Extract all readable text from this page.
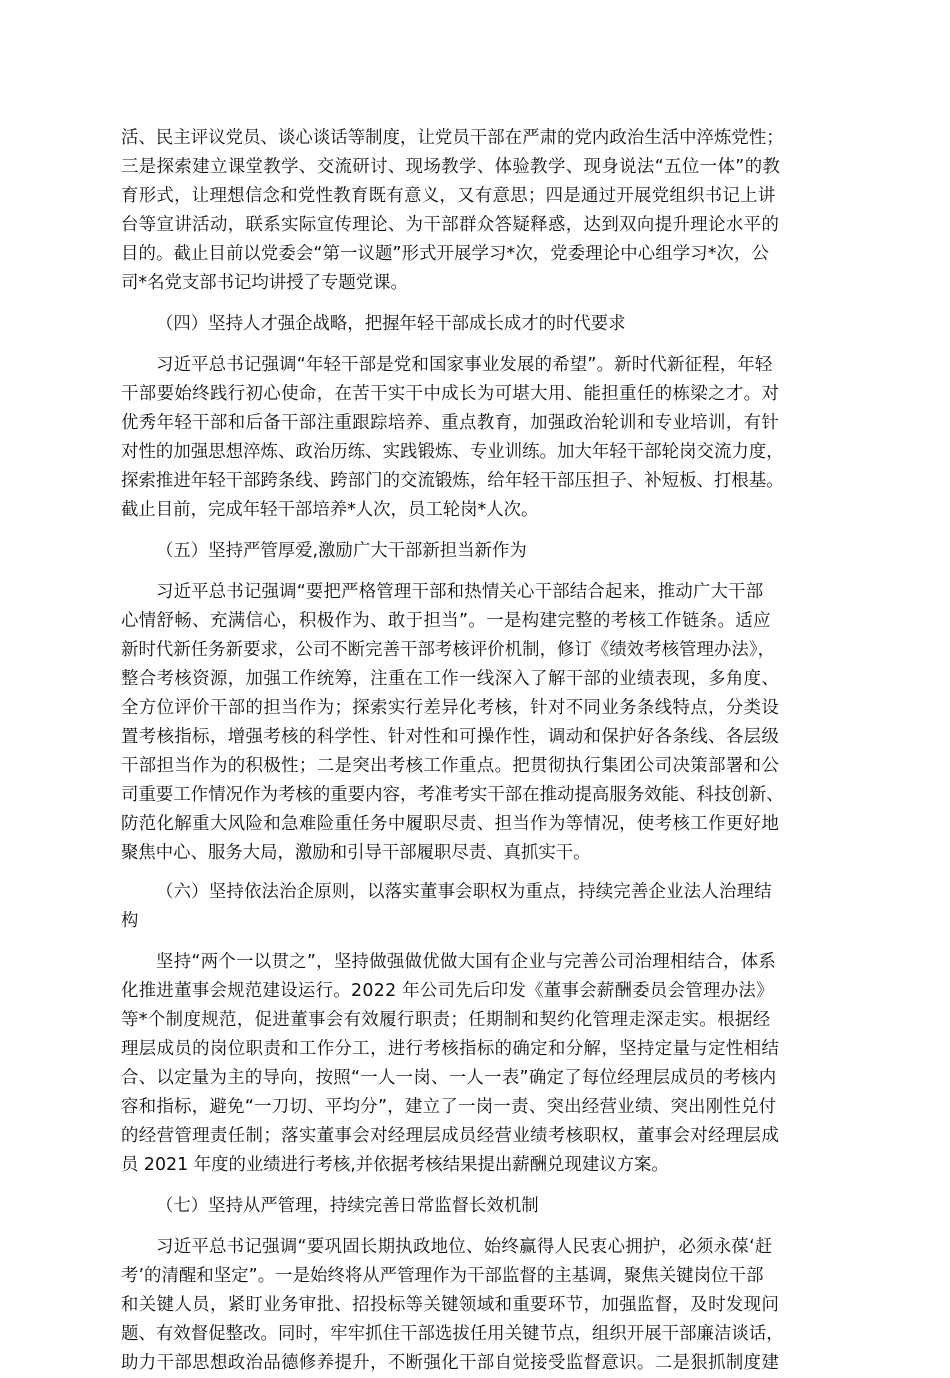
活、民主评议党员、谈心谈话等制度，让党员干部在严肃的党内政治生活中淬炼党性；
三是探索建立课堂教学、交流研讨、现场教学、体验教学、现身说法“五位一体”的教
育形式，让理想信念和党性教育既有意义，又有意思；四是通过开展党组织书记上讲
台等宣讲活动，联系实际宣传理论、为干部群众答疑释惑，达到双向提升理论水平的
目的。截止目前以党委会“第一议题”形式开展学习*次，党委理论中心组学习*次，公
司*名党支部书记均讲授了专题党课。
（四）坚持人才强企战略，把握年轻干部成长成才的时代要求
习近平总书记强调“年轻干部是党和国家事业发展的希望”。新时代新征程，年轻
干部要始终践行初心使命，在苦干实干中成长为可堪大用、能担重任的栋梁之才。对
优秀年轻干部和后备干部注重跟踪培养、重点教育，加强政治轮训和专业培训，有针
对性的加强思想淬炼、政治历练、实践锻炼、专业训练。加大年轻干部轮岗交流力度，
探索推进年轻干部跨条线、跨部门的交流锻炼，给年轻干部压担子、补短板、打根基。
截止目前，完成年轻干部培养*人次，员工轮岗*人次。
（五）坚持严管厚爱,激励广大干部新担当新作为
习近平总书记强调“要把严格管理干部和热情关心干部结合起来，推动广大干部
心情舒畅、充满信心，积极作为、敢于担当”。一是构建完整的考核工作链条。适应
新时代新任务新要求，公司不断完善干部考核评价机制，修订《绩效考核管理办法》，
整合考核资源，加强工作统筹，注重在工作一线深入了解干部的业绩表现，多角度、
全方位评价干部的担当作为；探索实行差异化考核，针对不同业务条线特点，分类设
置考核指标，增强考核的科学性、针对性和可操作性，调动和保护好各条线、各层级
干部担当作为的积极性；二是突出考核工作重点。把贯彻执行集团公司决策部署和公
司重要工作情况作为考核的重要内容，考准考实干部在推动提高服务效能、科技创新、
防范化解重大风险和急难险重任务中履职尽责、担当作为等情况，使考核工作更好地
聚焦中心、服务大局，激励和引导干部履职尽责、真抓实干。
（六）坚持依法治企原则，以落实董事会职权为重点，持续完善企业法人治理结
构
坚持“两个一以贯之”，坚持做强做优做大国有企业与完善公司治理相结合，体系
化推进董事会规范建设运行。2022 年公司先后印发《董事会薪酬委员会管理办法》
等*个制度规范，促进董事会有效履行职责；任期制和契约化管理走深走实。根据经
理层成员的岗位职责和工作分工，进行考核指标的确定和分解，坚持定量与定性相结
合、以定量为主的导向，按照“一人一岗、一人一表”确定了每位经理层成员的考核内
容和指标，避免“一刀切、平均分”，建立了一岗一责、突出经营业绩、突出刚性兑付
的经营管理责任制；落实董事会对经理层成员经营业绩考核职权，董事会对经理层成
员 2021 年度的业绩进行考核,并依据考核结果提出薪酬兑现建议方案。
（七）坚持从严管理，持续完善日常监督长效机制
习近平总书记强调“要巩固长期执政地位、始终赢得人民衷心拥护，必须永葆‘赶
考’的清醒和坚定”。一是始终将从严管理作为干部监督的主基调，聚焦关键岗位干部
和关键人员，紧盯业务审批、招投标等关键领域和重要环节，加强监督，及时发现问
题、有效督促整改。同时，牢牢抓住干部选拔任用关键节点，组织开展干部廉洁谈话，
助力干部思想政治品德修养提升，不断强化干部自觉接受监督意识。二是狠抓制度建
